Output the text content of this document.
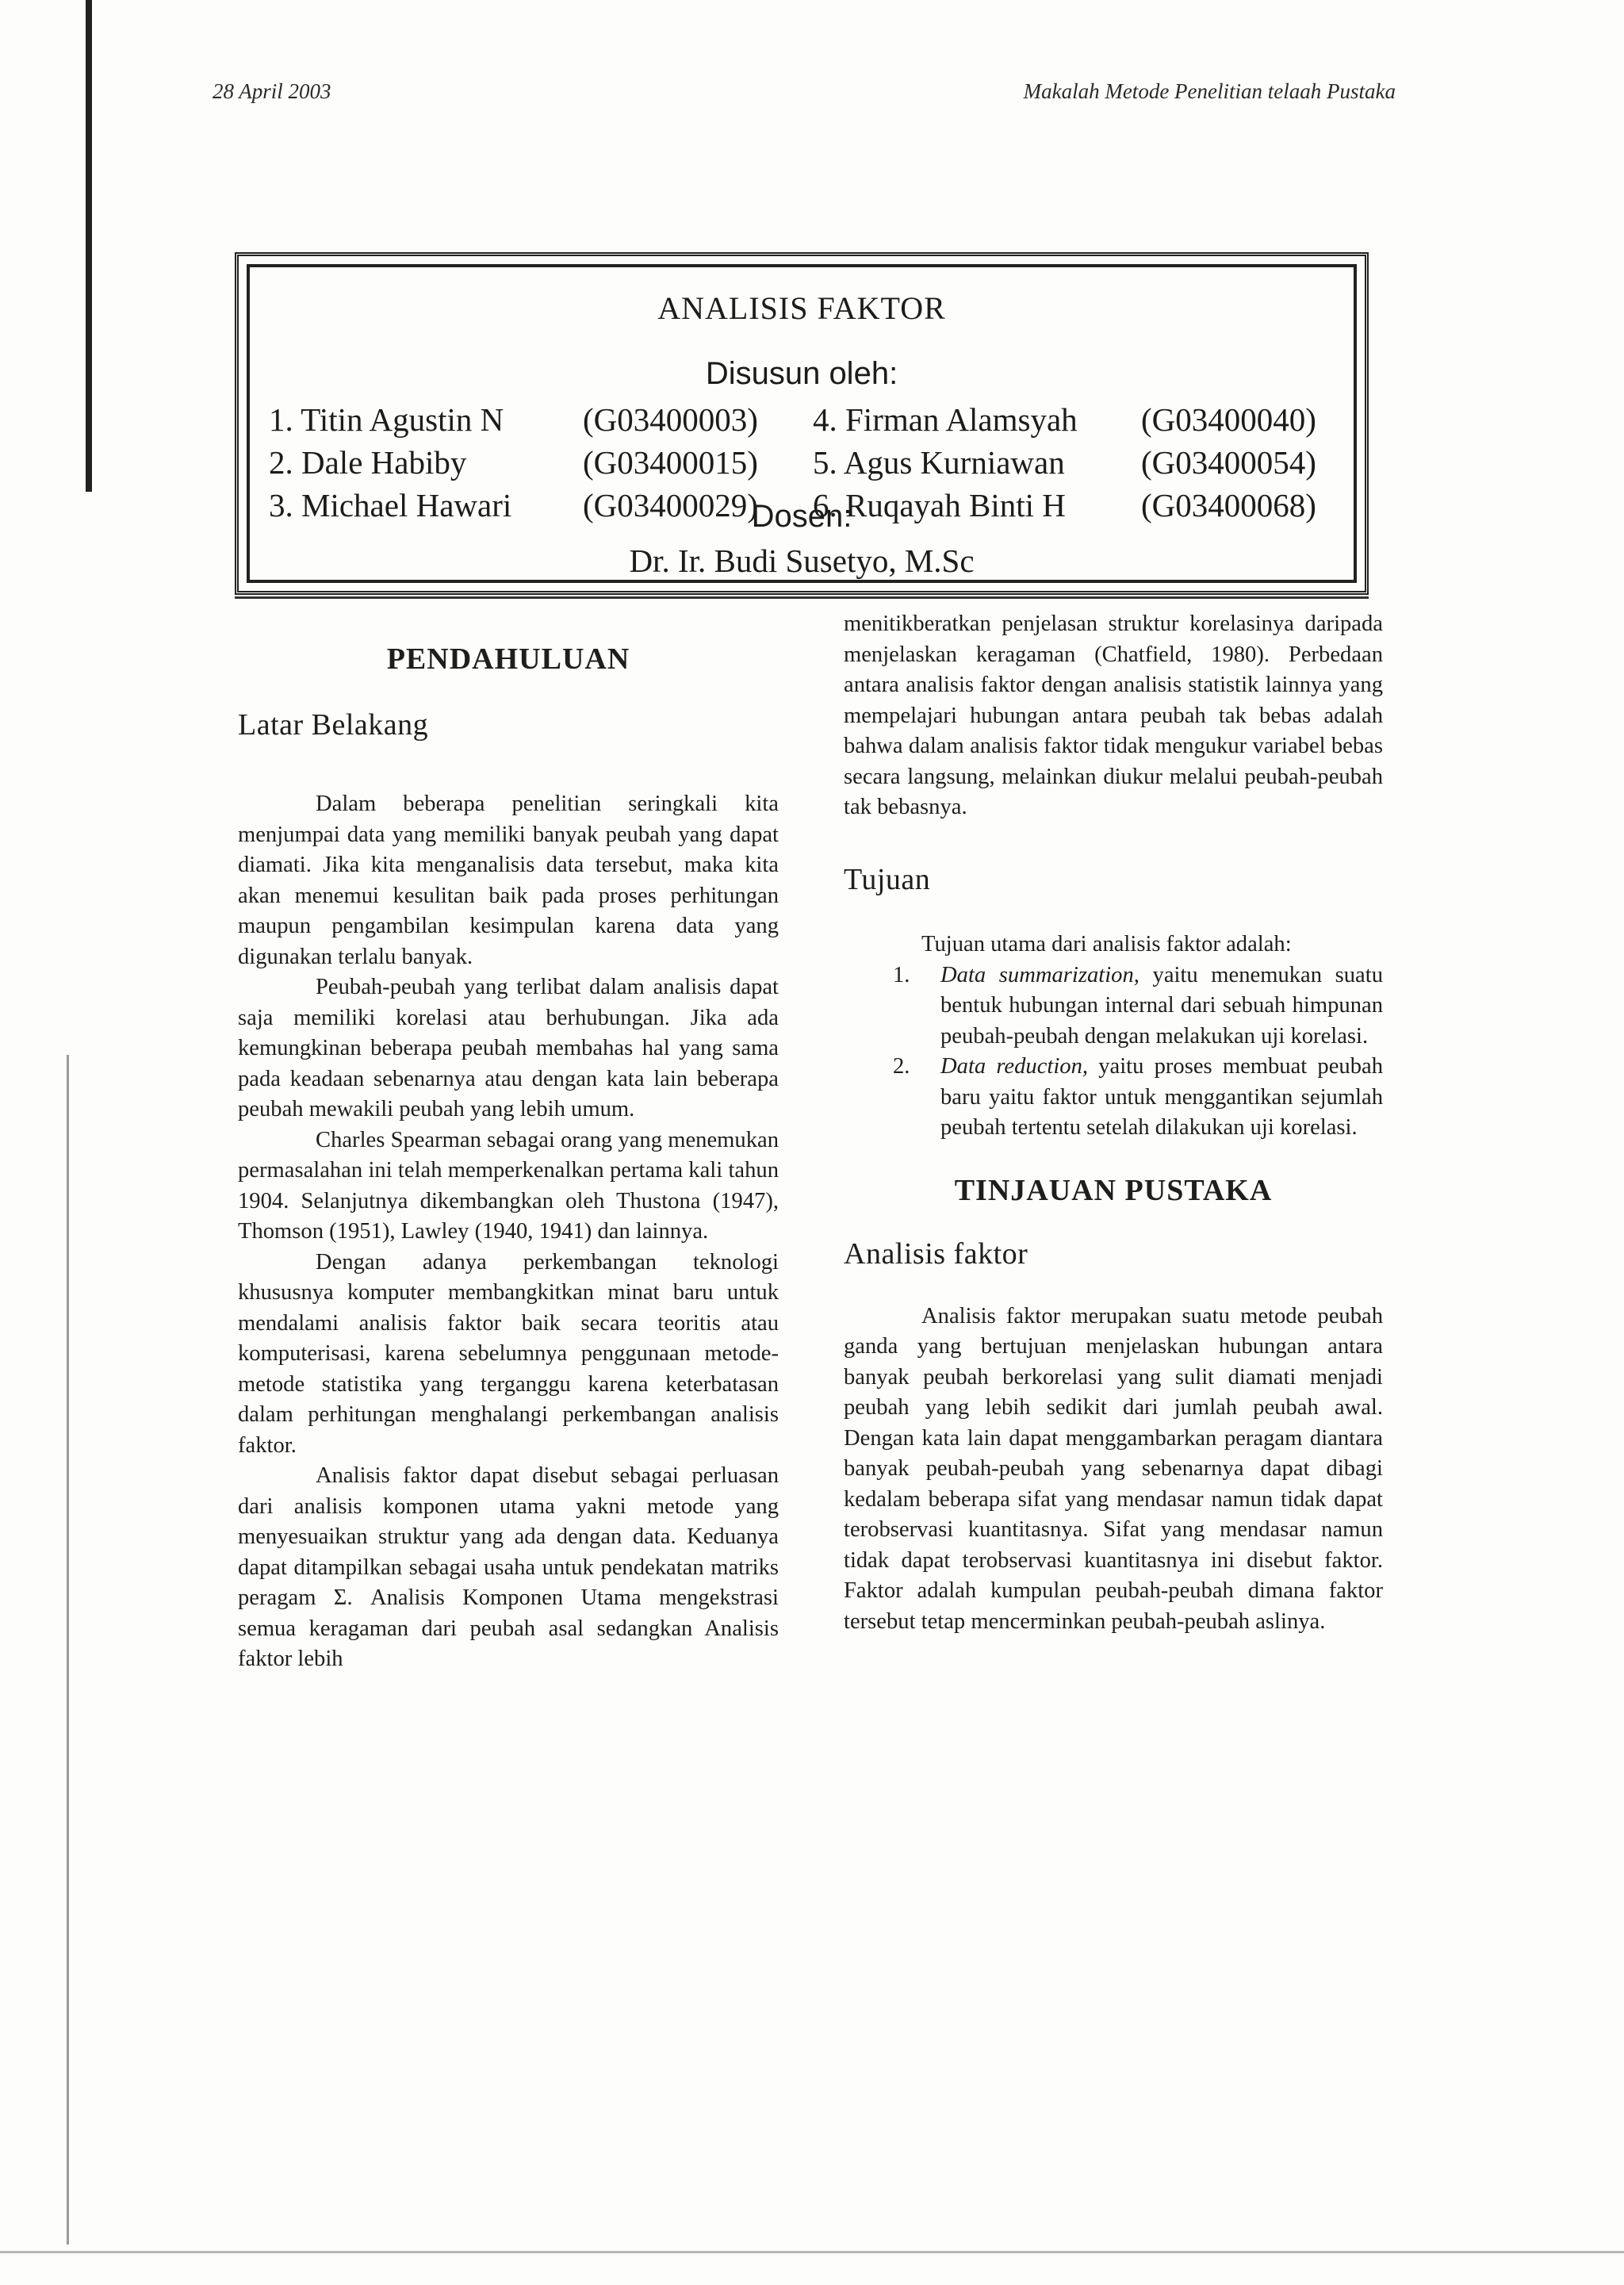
28 April 2003	Makalah Metode Penelitian telaah Pustaka
ANALISIS FAKTOR
Disusun oleh:
1. Titin Agustin N (G03400003)
2. Dale Habiby	(G03400015)
3. Michael Hawari (G03400029)
4. Firman Alamsyah (G03400040)
5. Agus Kurniawan (G03400054)
6. Ruqayah Binti H (G03400068)
Dosen:
Dr. Ir. Budi Susetyo, M.Sc
PENDAHULUAN
Latar Belakang

Dalam beberapa penelitian seringkali kita menjumpai data yang memiliki banyak peubah yang dapat diamati. Jika kita menganalisis data tersebut, maka kita akan menemui kesulitan baik pada proses perhitungan maupun pengambilan kesimpulan karena data yang digunakan terlalu banyak.

Peubah-peubah yang terlibat dalam analisis dapat saja memiliki korelasi atau berhubungan. Jika ada kemungkinan beberapa peubah membahas hal yang sama pada keadaan sebenarnya atau dengan kata lain beberapa peubah mewakili peubah yang lebih umum.

Charles Spearman sebagai orang yang menemukan permasalahan ini telah memperkenalkan pertama kali tahun 1904. Selanjutnya dikembangkan oleh Thustona (1947), Thomson (1951), Lawley (1940, 1941) dan lainnya.

Dengan adanya perkembangan teknologi khususnya komputer membangkitkan minat baru untuk mendalami analisis faktor baik secara teoritis atau komputerisasi, karena sebelumnya penggunaan metode-metode statistika yang terganggu karena keterbatasan dalam perhitungan menghalangi perkembangan analisis faktor.

Analisis faktor dapat disebut sebagai perluasan dari analisis komponen utama yakni metode yang menyesuaikan struktur yang ada dengan data. Keduanya dapat ditampilkan sebagai usaha untuk pendekatan matriks peragam Σ. Analisis Komponen Utama mengekstrasi semua keragaman dari peubah asal sedangkan Analisis faktor lebih

menitikberatkan penjelasan struktur korelasinya daripada menjelaskan keragaman (Chatfield, 1980). Perbedaan antara analisis faktor dengan analisis statistik lainnya yang mempelajari hubungan antara peubah tak bebas adalah bahwa dalam analisis faktor tidak mengukur variabel bebas secara langsung, melainkan diukur melalui peubah-peubah tak bebasnya.

Tujuan

Tujuan utama dari analisis faktor adalah:

1. Data summarization, yaitu menemukan suatu bentuk hubungan internal dari sebuah himpunan peubah-peubah dengan melakukan uji korelasi.
2. Data reduction, yaitu proses membuat peubah baru yaitu faktor untuk menggantikan sejumlah peubah tertentu setelah dilakukan uji korelasi.
TINJAUAN PUSTAKA
Analisis faktor

Analisis faktor merupakan suatu metode peubah ganda yang bertujuan menjelaskan hubungan antara banyak peubah berkorelasi yang sulit diamati menjadi peubah yang lebih sedikit dari jumlah peubah awal. Dengan kata lain dapat menggambarkan peragam diantara banyak peubah-peubah yang sebenarnya dapat dibagi kedalam beberapa sifat yang mendasar namun tidak dapat terobservasi kuantitasnya. Sifat yang mendasar namun tidak dapat terobservasi kuantitasnya ini disebut faktor. Faktor adalah kumpulan peubah-peubah dimana faktor tersebut tetap mencerminkan peubah-peubah aslinya.
